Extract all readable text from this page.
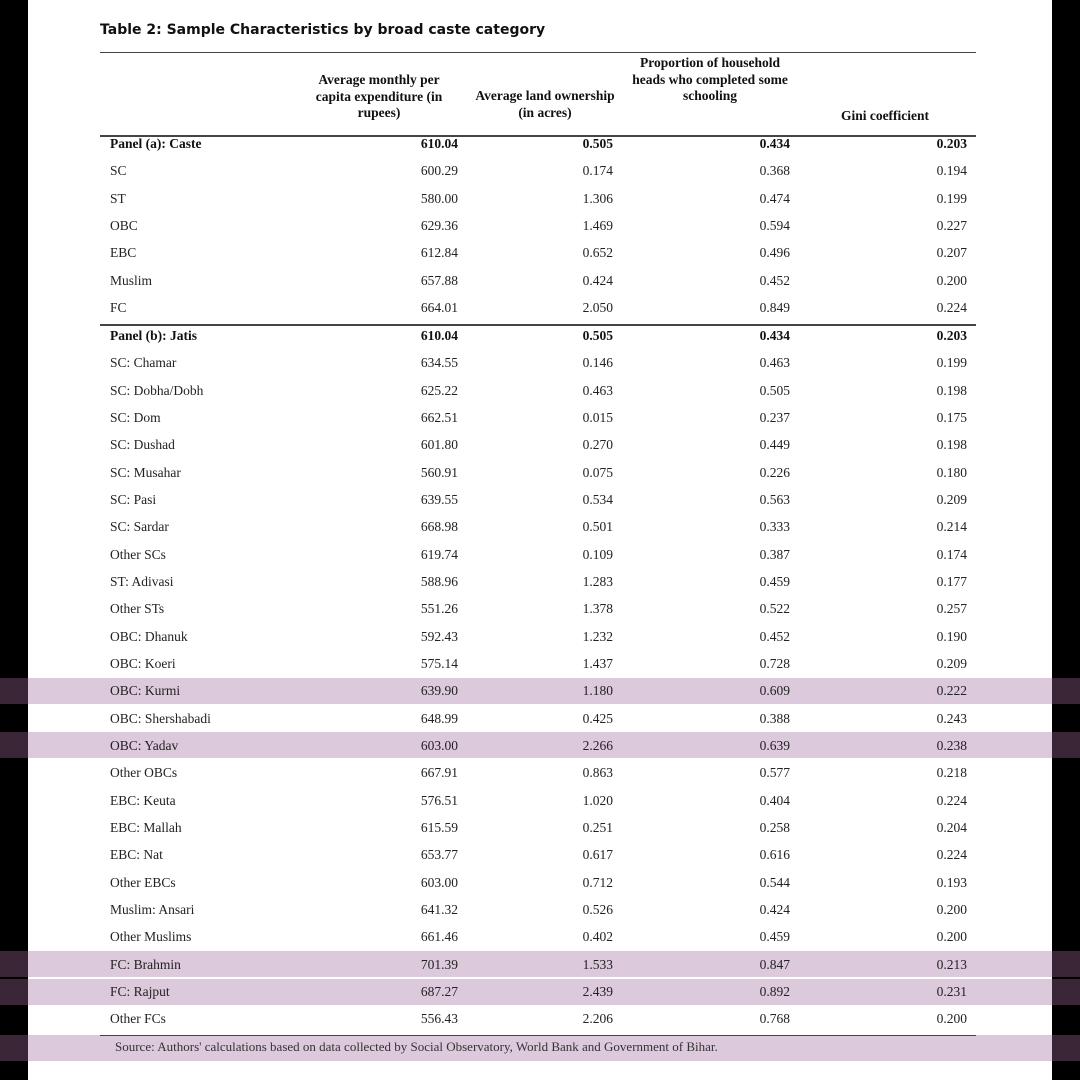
Table 2: Sample Characteristics by broad caste category
Average monthly per capita expenditure (in rupees)
Average land ownership (in acres)
Proportion of household heads who completed some schooling
Gini coefficient
Panel (a): Caste	610.04	0.505	0.434	0.203
SC	600.29	0.174	0.368	0.194
ST	580.00	1.306	0.474	0.199
OBC	629.36	1.469	0.594	0.227
EBC	612.84	0.652	0.496	0.207
Muslim	657.88	0.424	0.452	0.200
FC	664.01	2.050	0.849	0.224
Panel (b): Jatis	610.04	0.505	0.434	0.203
SC: Chamar	634.55	0.146	0.463	0.199
SC: Dobha/Dobh	625.22	0.463	0.505	0.198
SC: Dom	662.51	0.015	0.237	0.175
SC: Dushad	601.80	0.270	0.449	0.198
SC: Musahar	560.91	0.075	0.226	0.180
SC: Pasi	639.55	0.534	0.563	0.209
SC: Sardar	668.98	0.501	0.333	0.214
Other SCs	619.74	0.109	0.387	0.174
ST: Adivasi	588.96	1.283	0.459	0.177
Other STs	551.26	1.378	0.522	0.257
OBC: Dhanuk	592.43	1.232	0.452	0.190
OBC: Koeri	575.14	1.437	0.728	0.209
OBC: Kurmi	639.90	1.180	0.609	0.222
OBC: Shershabadi	648.99	0.425	0.388	0.243
OBC: Yadav	603.00	2.266	0.639	0.238
Other OBCs	667.91	0.863	0.577	0.218
EBC: Keuta	576.51	1.020	0.404	0.224
EBC: Mallah	615.59	0.251	0.258	0.204
EBC: Nat	653.77	0.617	0.616	0.224
Other EBCs	603.00	0.712	0.544	0.193
Muslim: Ansari	641.32	0.526	0.424	0.200
Other Muslims	661.46	0.402	0.459	0.200
FC: Brahmin	701.39	1.533	0.847	0.213
FC: Rajput	687.27	2.439	0.892	0.231
Other FCs	556.43	2.206	0.768	0.200
Source: Authors' calculations based on data collected by Social Observatory, World Bank and Government of Bihar.
